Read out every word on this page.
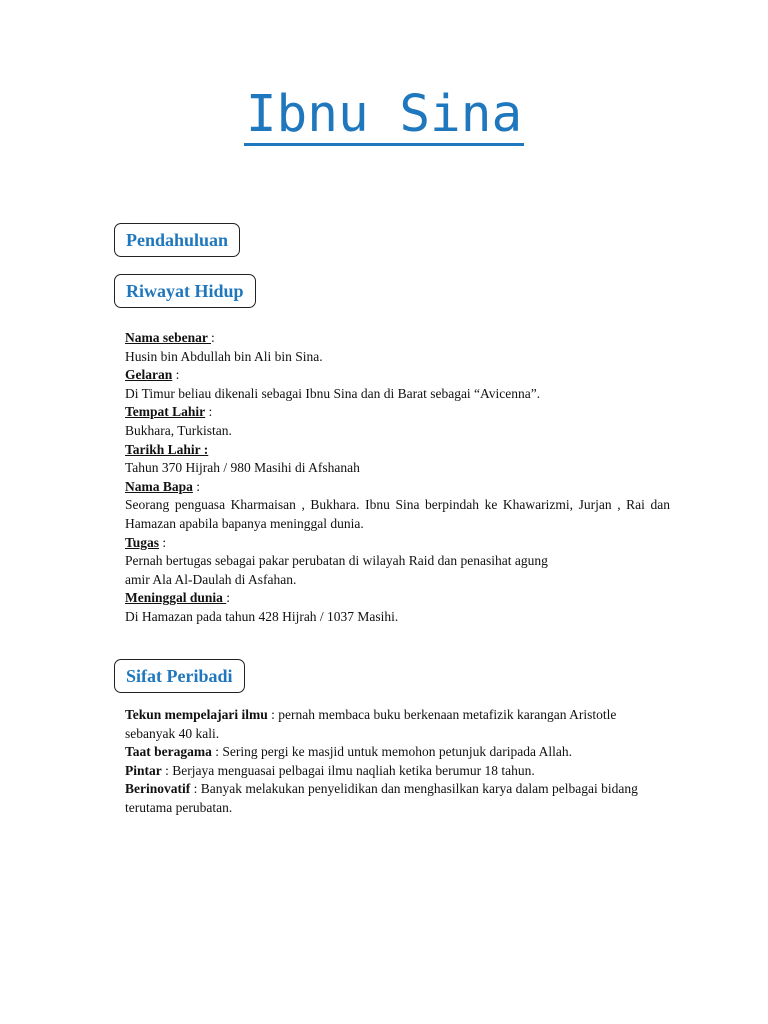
Ibnu Sina
Pendahuluan
Riwayat Hidup

Nama sebenar :

Husin bin Abdullah bin Ali bin Sina.

Gelaran :

Di Timur beliau dikenali sebagai Ibnu Sina dan di Barat sebagai “Avicenna”.

Tempat Lahir :

Bukhara, Turkistan.

Tarikh Lahir :

Tahun 370 Hijrah / 980 Masihi di Afshanah

Nama Bapa :

Seorang penguasa Kharmaisan , Bukhara. Ibnu Sina berpindah ke Khawarizmi, Jurjan , Rai dan Hamazan apabila bapanya meninggal dunia.

Tugas :

Pernah bertugas sebagai pakar perubatan di wilayah Raid dan penasihat agung

amir Ala Al-Daulah di Asfahan.

Meninggal dunia :

Di Hamazan pada tahun 428 Hijrah / 1037 Masihi.

Sifat Peribadi

Tekun mempelajari ilmu : pernah membaca buku berkenaan metafizik karangan Aristotle sebanyak 40 kali.

Taat beragama : Sering pergi ke masjid untuk memohon petunjuk daripada Allah.

Pintar : Berjaya menguasai pelbagai ilmu naqliah ketika berumur 18 tahun.

Berinovatif : Banyak melakukan penyelidikan dan menghasilkan karya dalam pelbagai bidang terutama perubatan.
